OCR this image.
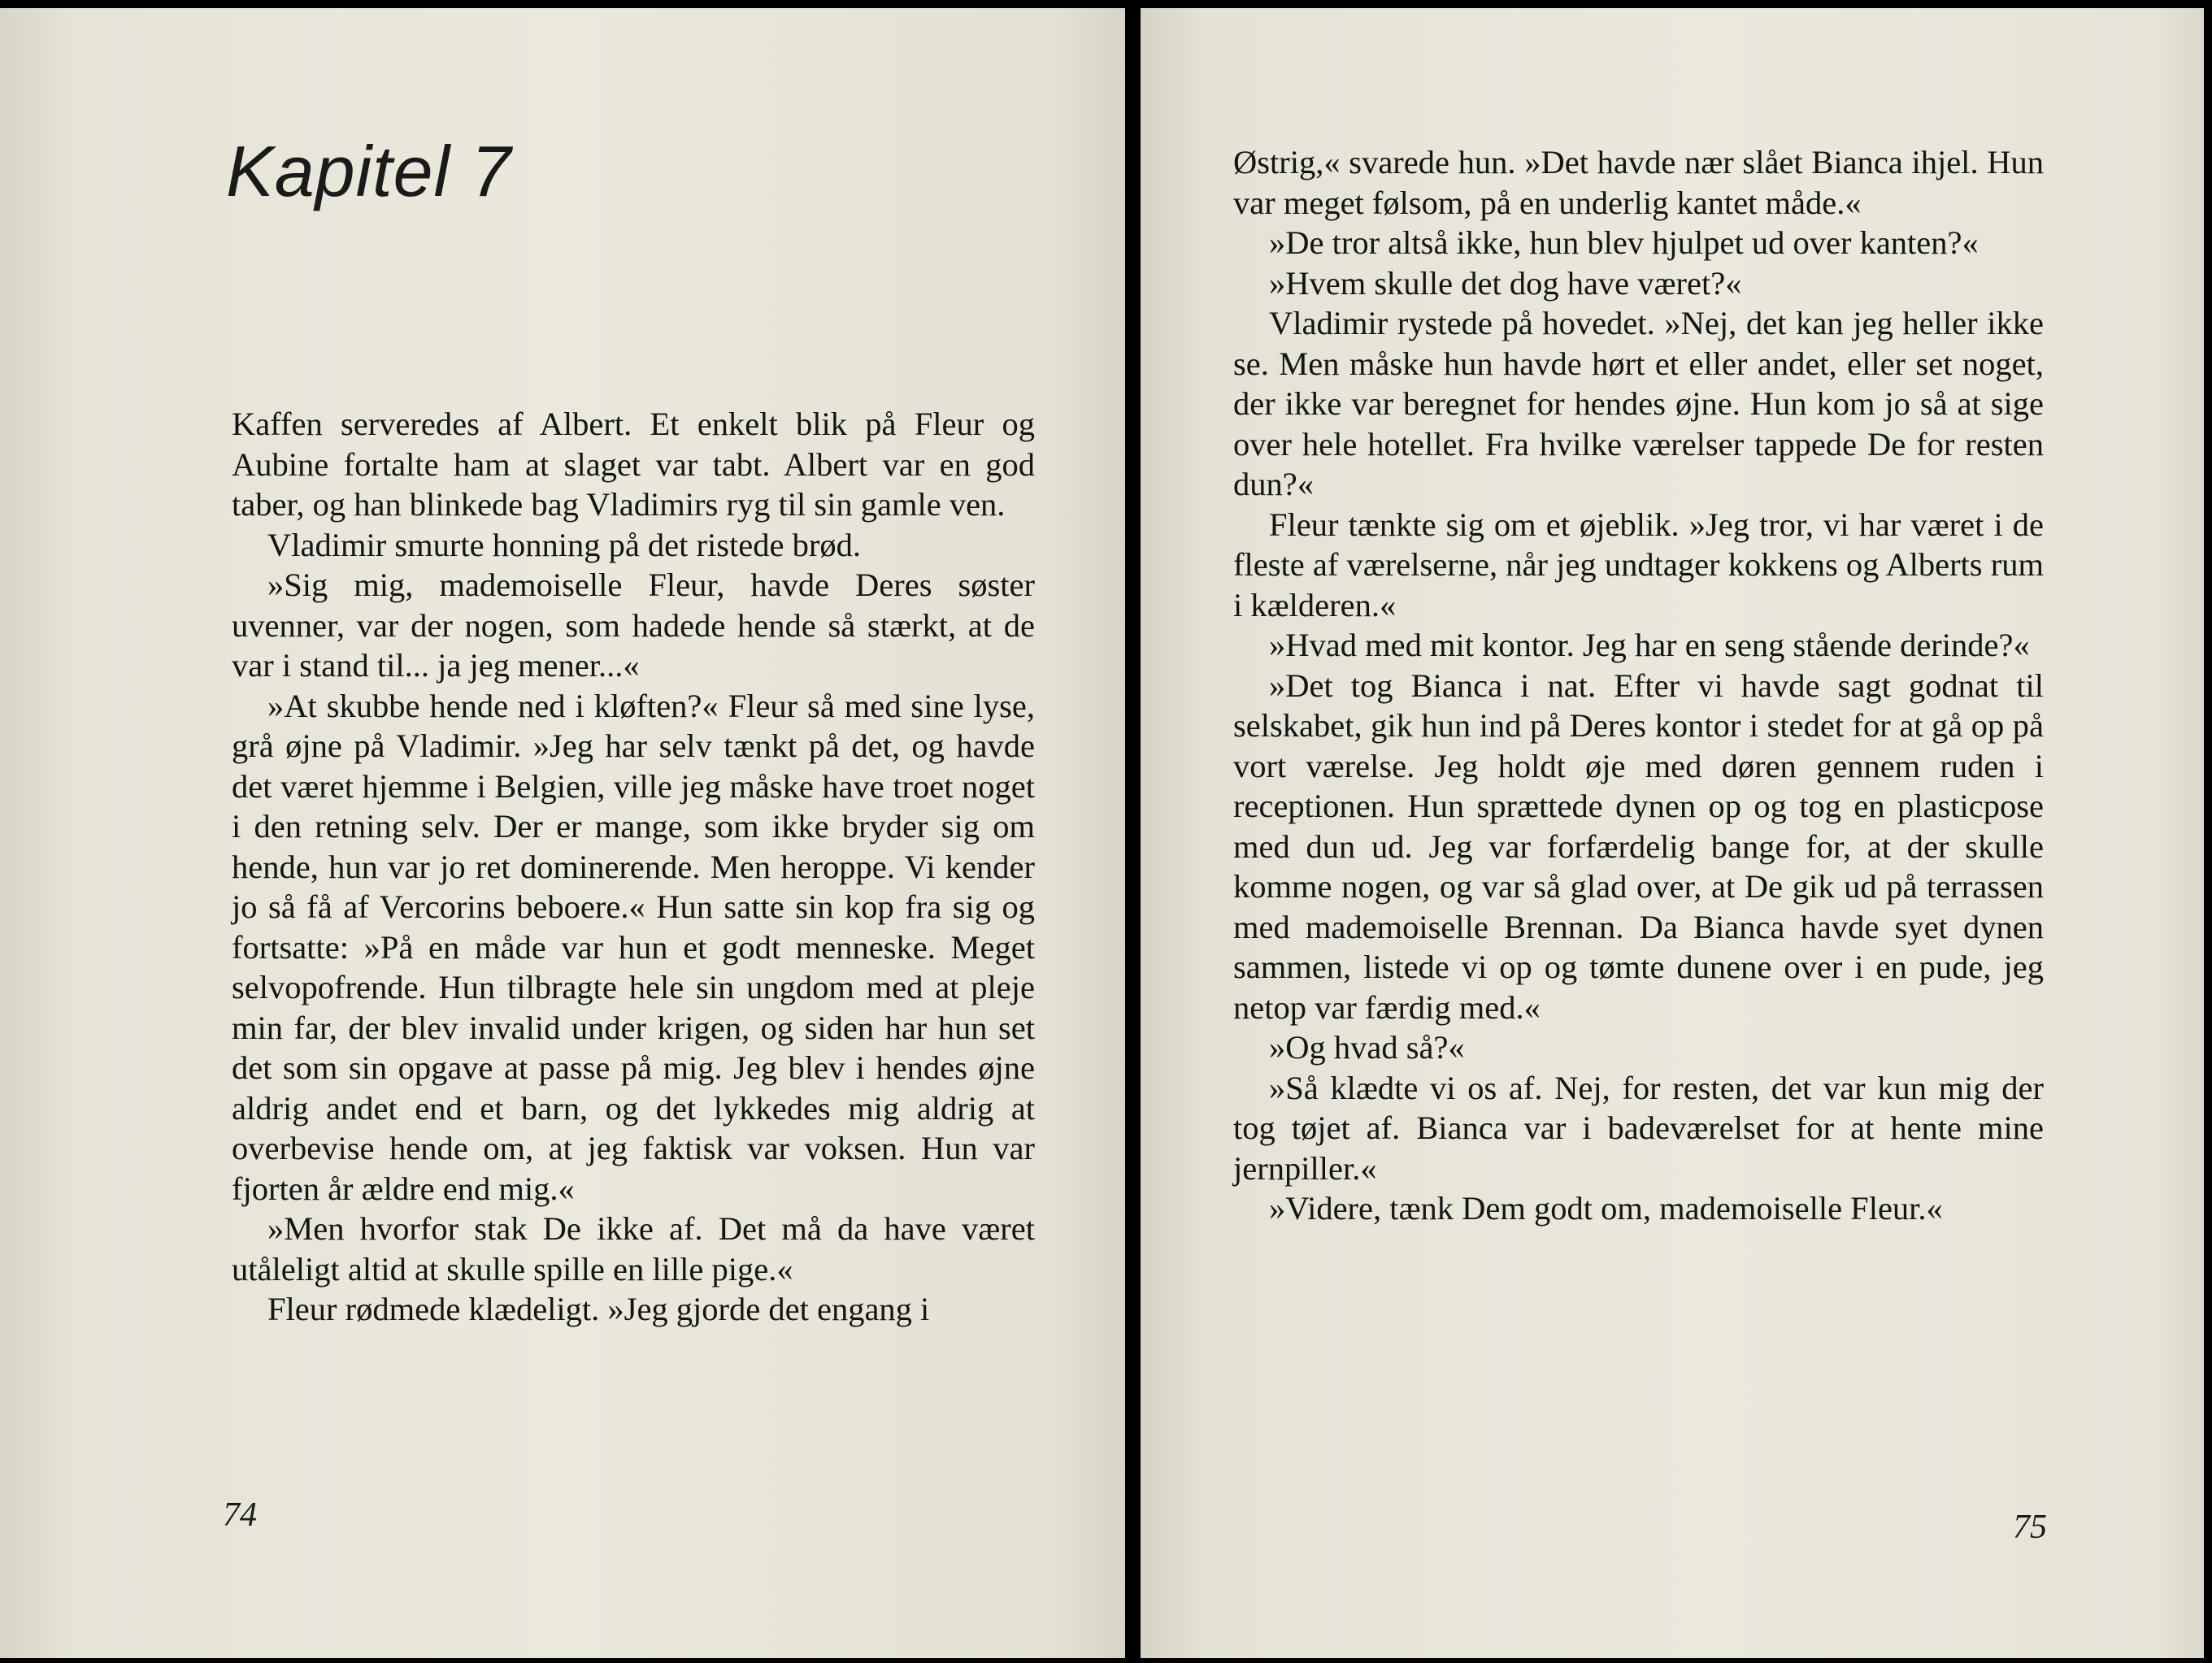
Kapitel 7

Kaffen serveredes af Albert. Et enkelt blik på Fleur og Aubine fortalte ham at slaget var tabt. Albert var en god taber, og han blinkede bag Vladimirs ryg til sin gamle ven.

Vladimir smurte honning på det ristede brød.

»Sig mig, mademoiselle Fleur, havde Deres søster uvenner, var der nogen, som hadede hende så stærkt, at de var i stand til... ja jeg mener...«

»At skubbe hende ned i kløften?« Fleur så med sine lyse, grå øjne på Vladimir. »Jeg har selv tænkt på det, og havde det været hjemme i Belgien, ville jeg måske have troet noget i den retning selv. Der er mange, som ikke bryder sig om hende, hun var jo ret dominerende. Men heroppe. Vi kender jo så få af Vercorins beboere.« Hun satte sin kop fra sig og fortsatte: »På en måde var hun et godt menneske. Meget selvopofrende. Hun tilbragte hele sin ungdom med at pleje min far, der blev invalid under krigen, og siden har hun set det som sin opgave at passe på mig. Jeg blev i hendes øjne aldrig andet end et barn, og det lykkedes mig aldrig at overbevise hende om, at jeg faktisk var voksen. Hun var fjorten år ældre end mig.«

»Men hvorfor stak De ikke af. Det må da have været utåleligt altid at skulle spille en lille pige.«

Fleur rødmede klædeligt. »Jeg gjorde det engang i

74

Østrig,« svarede hun. »Det havde nær slået Bianca ihjel. Hun var meget følsom, på en underlig kantet måde.«

»De tror altså ikke, hun blev hjulpet ud over kanten?«

»Hvem skulle det dog have været?«

Vladimir rystede på hovedet. »Nej, det kan jeg heller ikke se. Men måske hun havde hørt et eller andet, eller set noget, der ikke var beregnet for hendes øjne. Hun kom jo så at sige over hele hotellet. Fra hvilke værelser tappede De for resten dun?«

Fleur tænkte sig om et øjeblik. »Jeg tror, vi har været i de fleste af værelserne, når jeg undtager kokkens og Alberts rum i kælderen.«

»Hvad med mit kontor. Jeg har en seng stående derinde?«

»Det tog Bianca i nat. Efter vi havde sagt godnat til selskabet, gik hun ind på Deres kontor i stedet for at gå op på vort værelse. Jeg holdt øje med døren gennem ruden i receptionen. Hun sprættede dynen op og tog en plasticpose med dun ud. Jeg var forfærdelig bange for, at der skulle komme nogen, og var så glad over, at De gik ud på terrassen med mademoiselle Brennan. Da Bianca havde syet dynen sammen, listede vi op og tømte dunene over i en pude, jeg netop var færdig med.«

»Og hvad så?«

»Så klædte vi os af. Nej, for resten, det var kun mig der tog tøjet af. Bianca var i badeværelset for at hente mine jernpiller.«

»Videre, tænk Dem godt om, mademoiselle Fleur.«

75
